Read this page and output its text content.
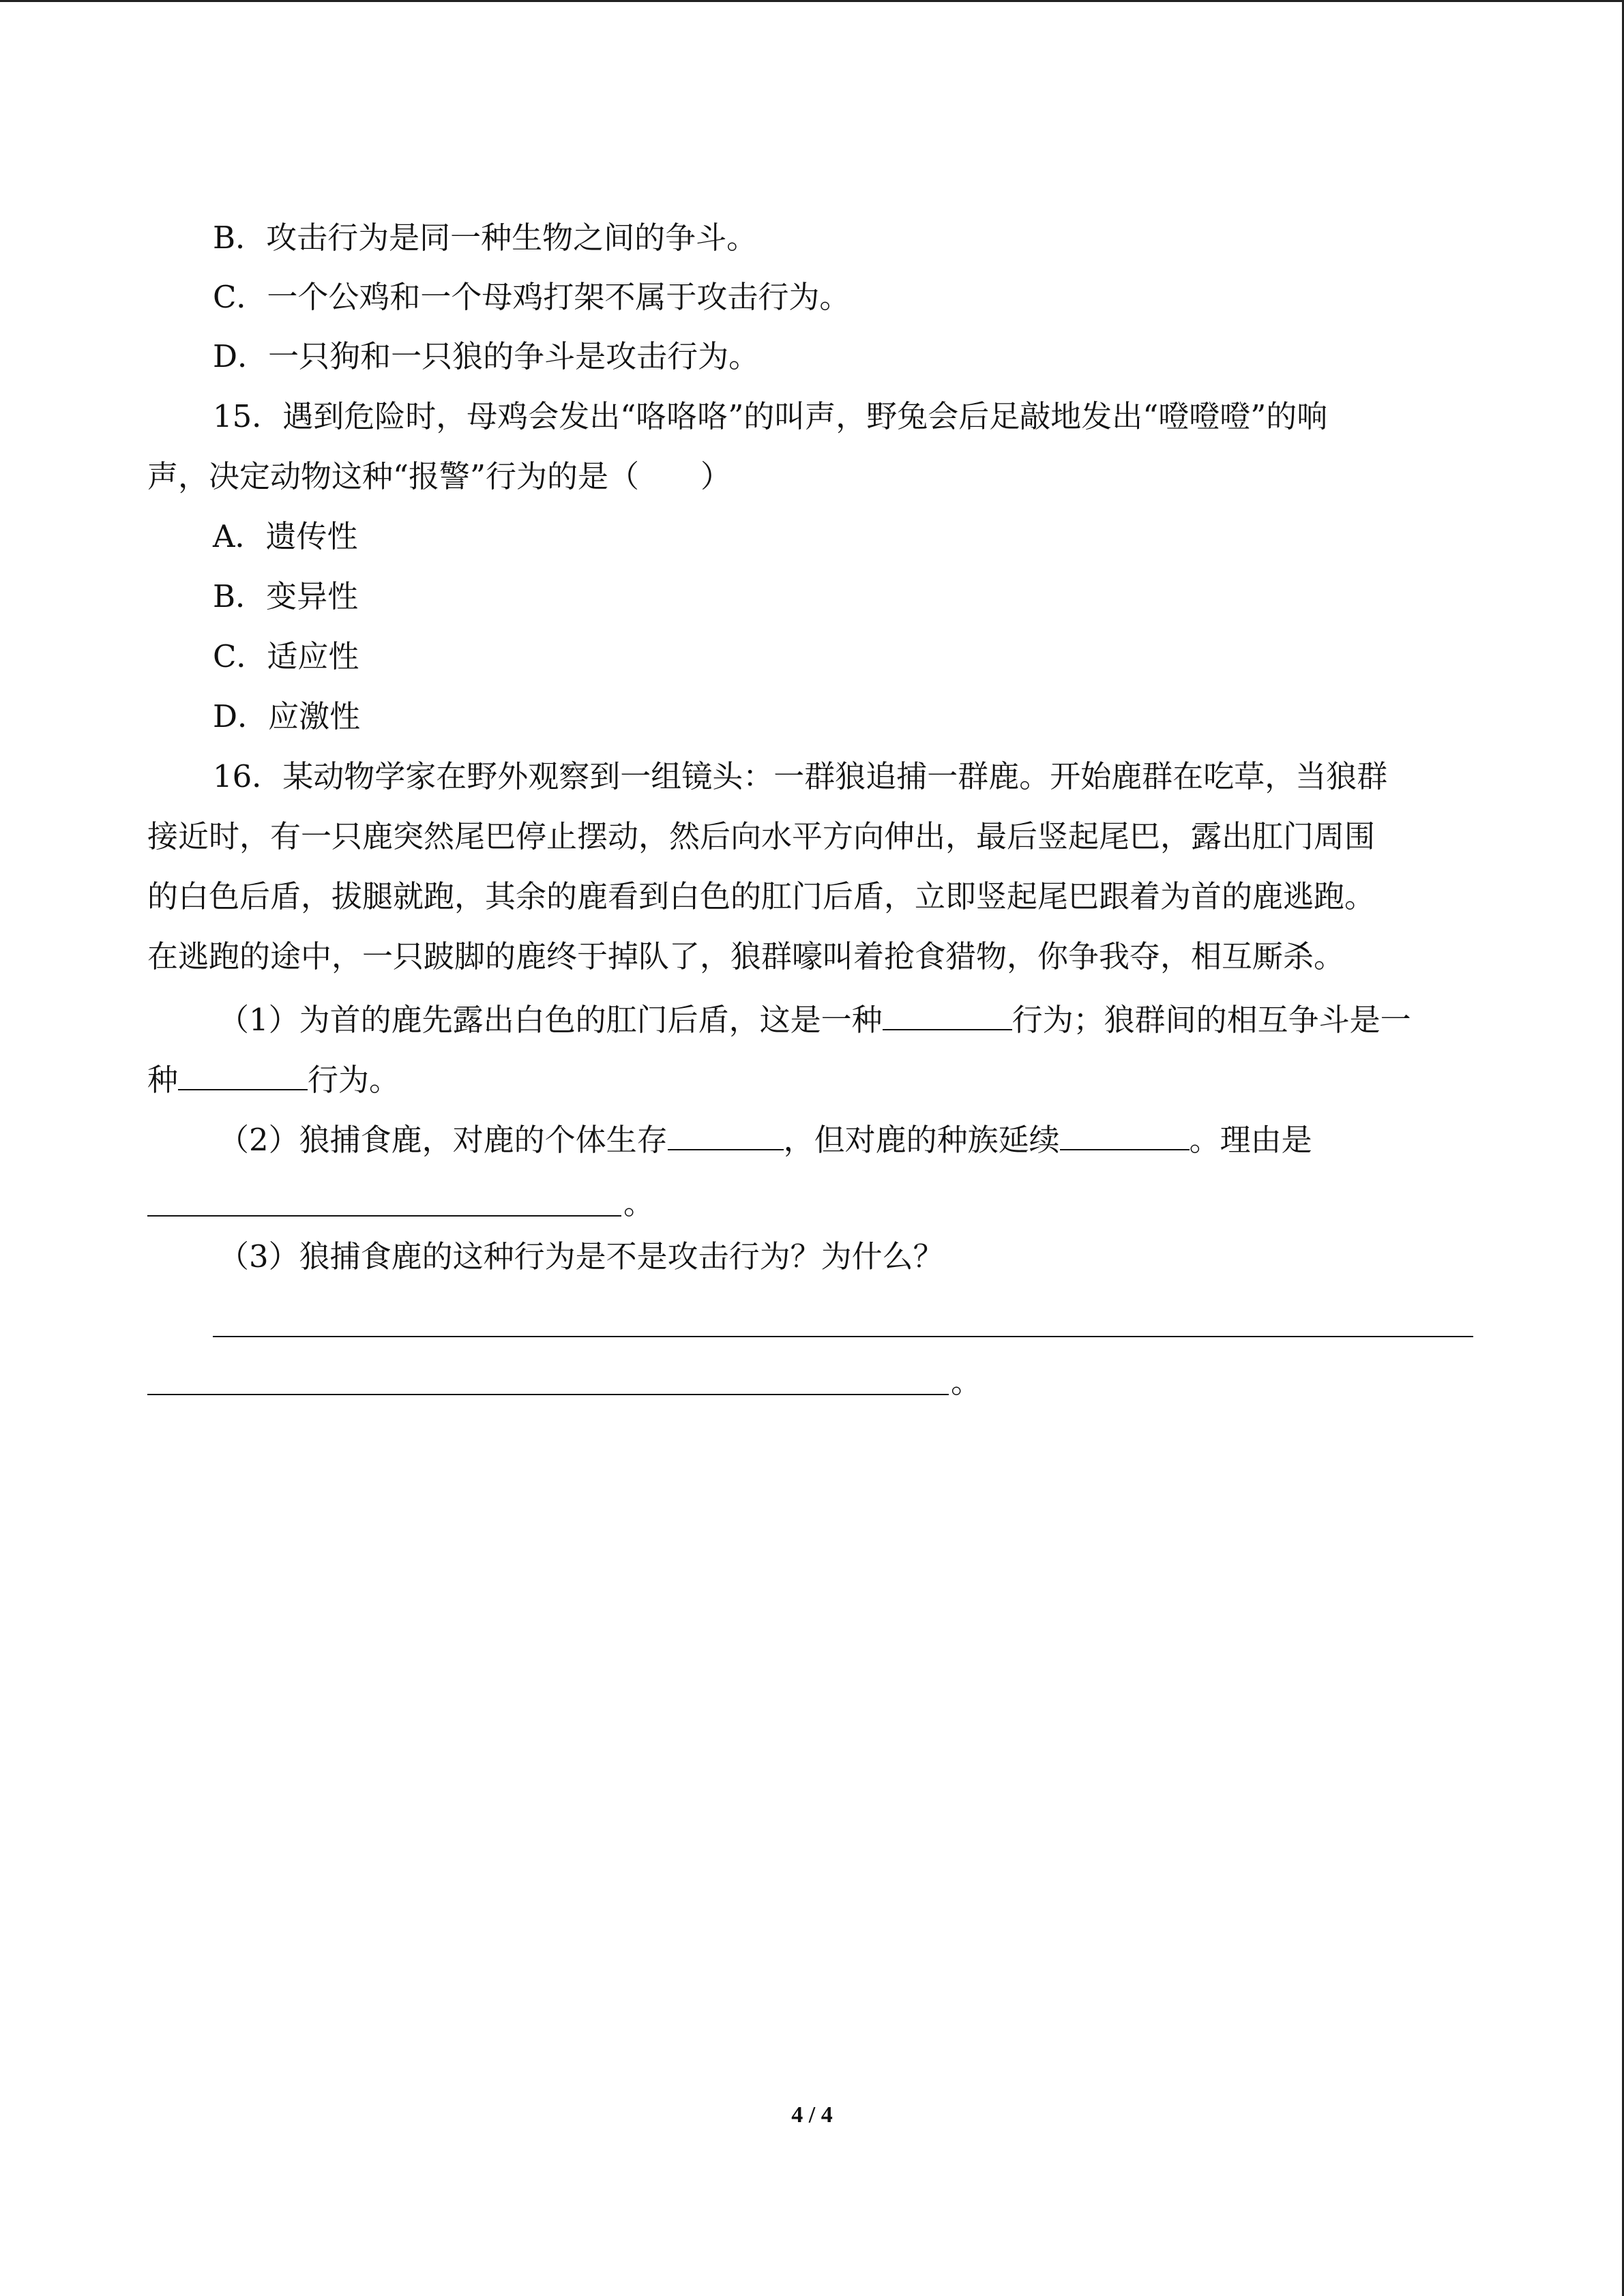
B．攻击行为是同一种生物之间的争斗。
C．一个公鸡和一个母鸡打架不属于攻击行为。
D．一只狗和一只狼的争斗是攻击行为。
15．遇到危险时，母鸡会发出“咯咯咯”的叫声，野兔会后足敲地发出“噔噔噔”的响
声，决定动物这种“报警”行为的是（　　）
A．遗传性
B．变异性
C．适应性
D．应激性
16．某动物学家在野外观察到一组镜头：一群狼追捕一群鹿。开始鹿群在吃草，当狼群
接近时，有一只鹿突然尾巴停止摆动，然后向水平方向伸出，最后竖起尾巴，露出肛门周围
的白色后盾，拔腿就跑，其余的鹿看到白色的肛门后盾，立即竖起尾巴跟着为首的鹿逃跑。
在逃跑的途中，一只跛脚的鹿终于掉队了，狼群嚎叫着抢食猎物，你争我夺，相互厮杀。
（1）为首的鹿先露出白色的肛门后盾，这是一种	行为；狼群间的相互争斗是一
种	行为。
（2）狼捕食鹿，对鹿的个体生存	，但对鹿的种族延续	。理由是
。
（3）狼捕食鹿的这种行为是不是攻击行为？为什么？
。
4 / 4
